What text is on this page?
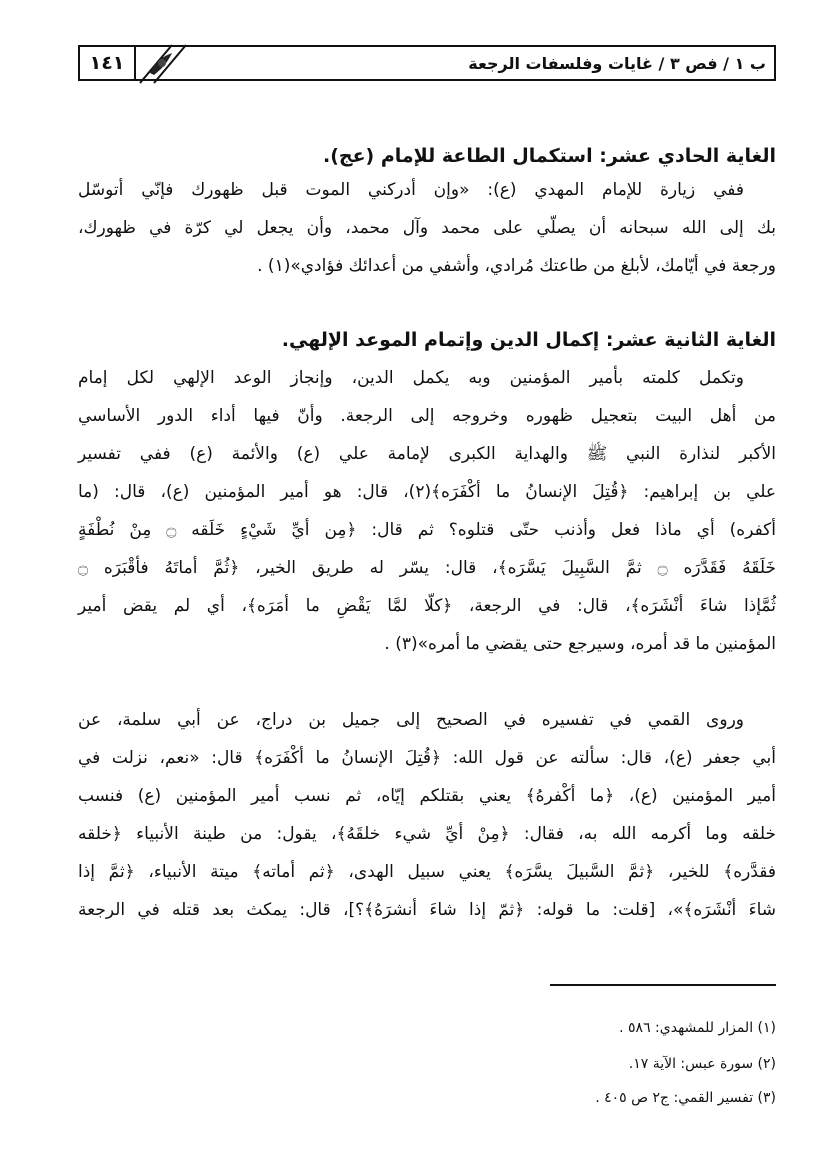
١٤١	ب ١ / فص ٣ / غايات وفلسفات الرجعة
الغاية الحادي عشر: استكمال الطاعة للإمام (عج).
ففي زيارة للإمام المهدي (ع): «وإن أدركني الموت قبل ظهورك فإنّي أتوسّل
بك إلى الله سبحانه أن يصلّي على محمد وآل محمد، وأن يجعل لي كرّة في ظهورك،
ورجعة في أيّامك، لأبلغ من طاعتك مُرادي، وأشفي من أعدائك فؤادي»(١) .
الغاية الثانية عشر: إكمال الدين وإتمام الموعد الإلهي.
وتكمل كلمته بأمير المؤمنين وبه يكمل الدين، وإنجاز الوعد الإلهي لكل إمام
من أهل البيت بتعجيل ظهوره وخروجه إلى الرجعة. وأنّ فيها أداء الدور الأساسي
الأكبر لنذارة النبي ﷺ والهداية الكبرى لإمامة علي (ع) والأئمة (ع) ففي تفسير
علي بن إبراهيم: ﴿قُتِلَ الإنسانُ ما أكْفَرَه﴾(٢)، قال: هو أمير المؤمنين (ع)، قال: (ما
أكفره) أي ماذا فعل وأذنب حتّى قتلوه؟ ثم قال: ﴿مِن أيِّ شَيْءٍ خَلَقه ۝ مِنْ نُطْفَةٍ
خَلَقَهُ فَقَدَّرَه ۝ ثمَّ السَّبِيلَ يَسَّرَه﴾، قال: يسّر له طريق الخير، ﴿ثُمَّ أماتَهُ فأقْبَرَه ۝
ثُمَّإذا شاءَ أنْشَرَه﴾، قال: في الرجعة، ﴿كلّا لمَّا يَقْضِ ما أمَرَه﴾، أي لم يقض أمير
المؤمنين ما قد أمره، وسيرجع حتى يقضي ما أمره»(٣) .
وروى القمي في تفسيره في الصحيح إلى جميل بن دراج، عن أبي سلمة، عن
أبي جعفر (ع)، قال: سألته عن قول الله: ﴿قُتِلَ الإنسانُ ما أكْفَرَه﴾ قال: «نعم، نزلت في
أمير المؤمنين (ع)، ﴿ما أكْفرهُ﴾ يعني بقتلكم إيّاه، ثم نسب أمير المؤمنين (ع) فنسب
خلقه وما أكرمه الله به، فقال: ﴿مِنْ أيِّ شيء خلقَهُ﴾، يقول: من طينة الأنبياء ﴿خلقه
فقدَّره﴾ للخير، ﴿ثمَّ السَّبيلَ يسَّرَه﴾ يعني سبيل الهدى، ﴿ثم أماته﴾ ميتة الأنبياء، ﴿ثمَّ إذا
شاءَ أنْشَرَه﴾»، [قلت: ما قوله: ﴿ثمّ إذا شاءَ أنشرَهُ﴾؟]، قال: يمكث بعد قتله في الرجعة
(١) المزار للمشهدي: ٥٨٦ .
(٢) سورة عبس: الآية ١٧.
(٣) تفسير القمي: ج٢ ص ٤٠٥ .
